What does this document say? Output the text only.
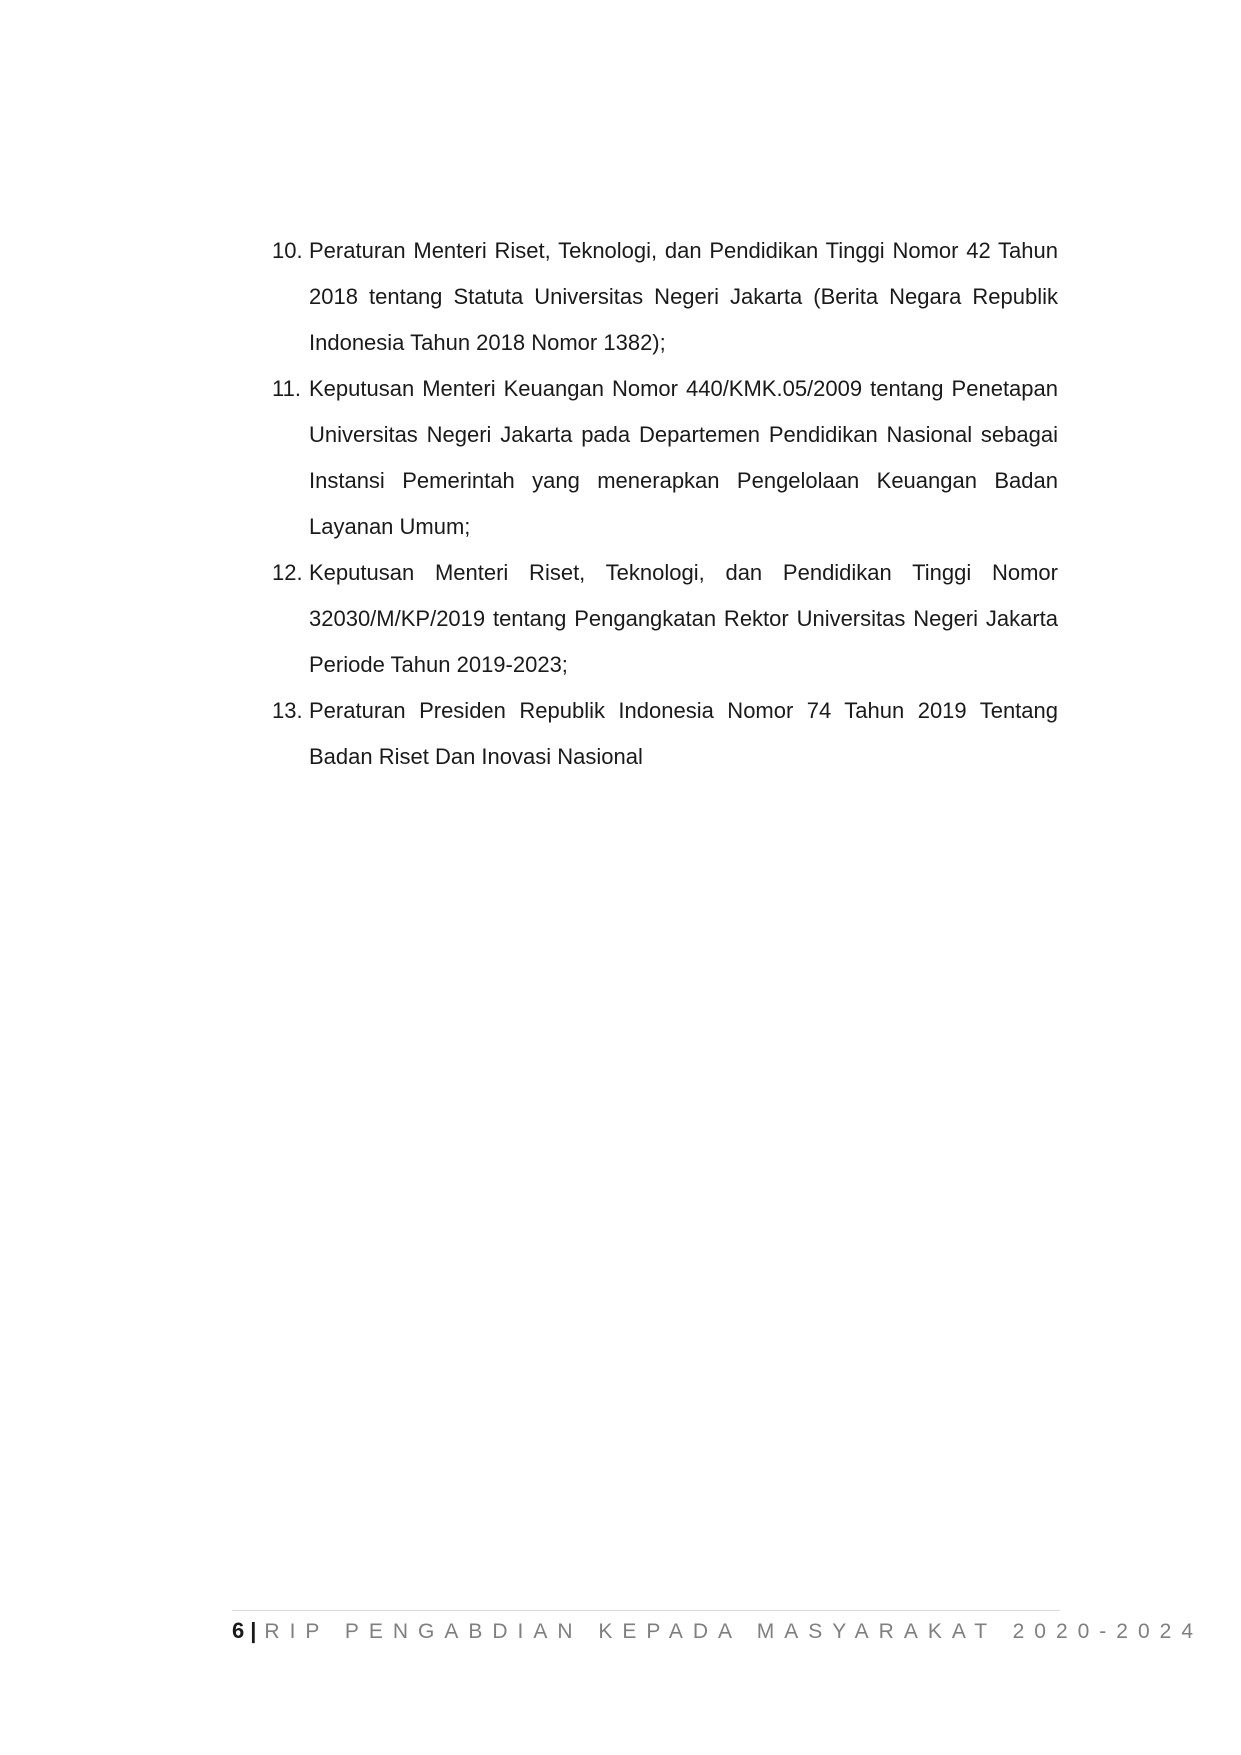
10. Peraturan Menteri Riset, Teknologi, dan Pendidikan Tinggi Nomor 42 Tahun 2018 tentang Statuta Universitas Negeri Jakarta (Berita Negara Republik Indonesia Tahun 2018 Nomor 1382);
11. Keputusan Menteri Keuangan Nomor 440/KMK.05/2009 tentang Penetapan Universitas Negeri Jakarta pada Departemen Pendidikan Nasional sebagai Instansi Pemerintah yang menerapkan Pengelolaan Keuangan Badan Layanan Umum;
12. Keputusan Menteri Riset, Teknologi, dan Pendidikan Tinggi Nomor 32030/M/KP/2019 tentang Pengangkatan Rektor Universitas Negeri Jakarta Periode Tahun 2019-2023;
13. Peraturan Presiden Republik Indonesia Nomor 74 Tahun 2019 Tentang Badan Riset Dan Inovasi Nasional
6 | RIP PENGABDIAN KEPADA MASYARAKAT 2020-2024
